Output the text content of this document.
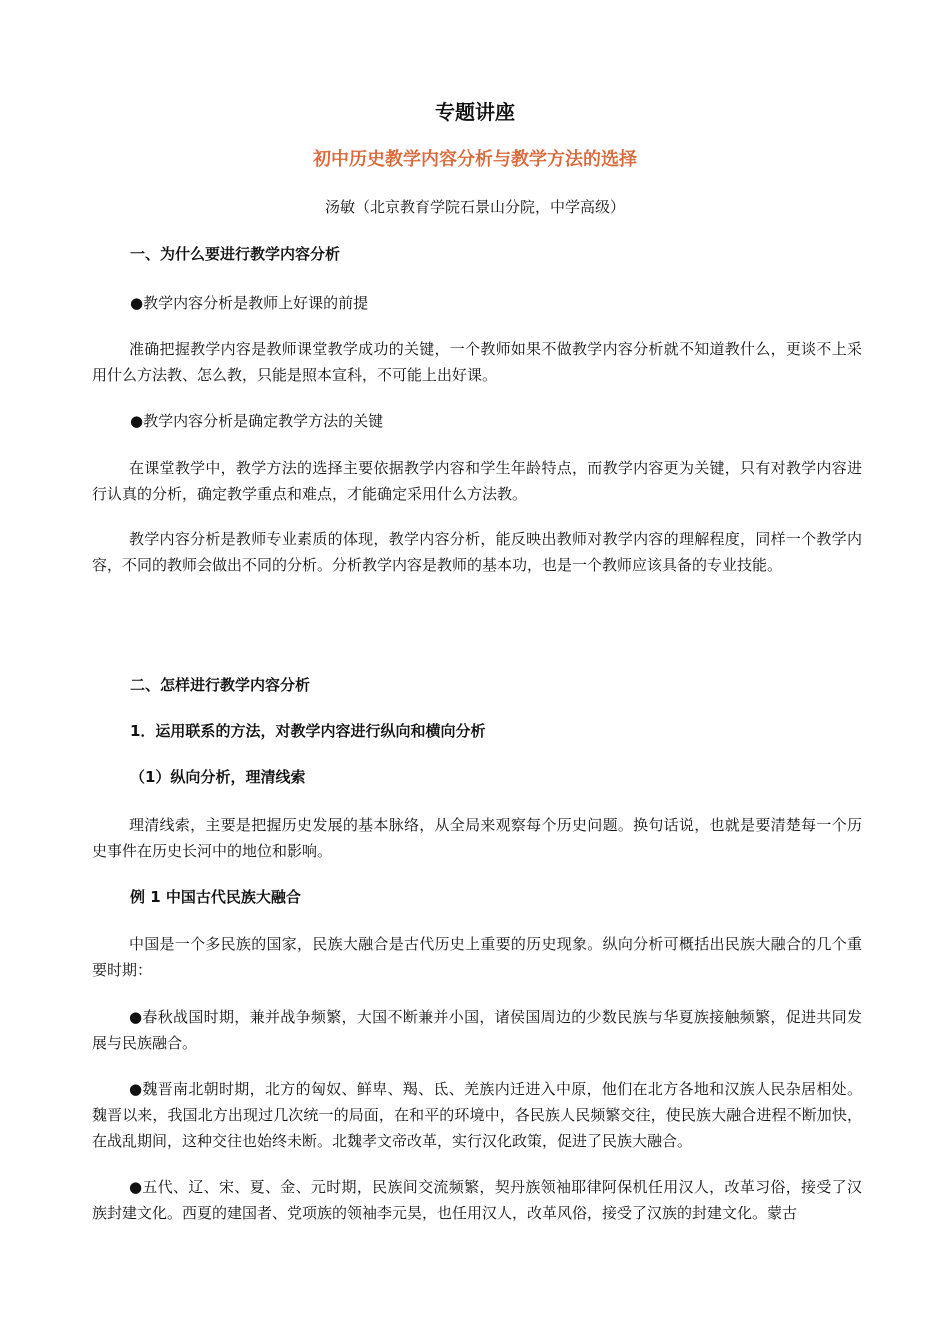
专题讲座
初中历史教学内容分析与教学方法的选择
汤敏（北京教育学院石景山分院，中学高级）
一、为什么要进行教学内容分析
●教学内容分析是教师上好课的前提
准确把握教学内容是教师课堂教学成功的关键，一个教师如果不做教学内容分析就不知道教什么，更谈不上采用什么方法教、怎么教，只能是照本宣科，不可能上出好课。
●教学内容分析是确定教学方法的关键
在课堂教学中，教学方法的选择主要依据教学内容和学生年龄特点，而教学内容更为关键，只有对教学内容进行认真的分析，确定教学重点和难点，才能确定采用什么方法教。
教学内容分析是教师专业素质的体现，教学内容分析，能反映出教师对教学内容的理解程度，同样一个教学内容，不同的教师会做出不同的分析。分析教学内容是教师的基本功，也是一个教师应该具备的专业技能。
二、怎样进行教学内容分析
1．运用联系的方法，对教学内容进行纵向和横向分析
（1）纵向分析，理清线索
理清线索，主要是把握历史发展的基本脉络，从全局来观察每个历史问题。换句话说，也就是要清楚每一个历史事件在历史长河中的地位和影响。
例 1 中国古代民族大融合
中国是一个多民族的国家，民族大融合是古代历史上重要的历史现象。纵向分析可概括出民族大融合的几个重要时期：
●春秋战国时期，兼并战争频繁，大国不断兼并小国，诸侯国周边的少数民族与华夏族接触频繁，促进共同发展与民族融合。
●魏晋南北朝时期，北方的匈奴、鲜卑、羯、氐、羌族内迁进入中原，他们在北方各地和汉族人民杂居相处。魏晋以来，我国北方出现过几次统一的局面，在和平的环境中，各民族人民频繁交往，使民族大融合进程不断加快，在战乱期间，这种交往也始终未断。北魏孝文帝改革，实行汉化政策，促进了民族大融合。
●五代、辽、宋、夏、金、元时期，民族间交流频繁，契丹族领袖耶律阿保机任用汉人，改革习俗，接受了汉族封建文化。西夏的建国者、党项族的领袖李元昊，也任用汉人，改革风俗，接受了汉族的封建文化。蒙古
